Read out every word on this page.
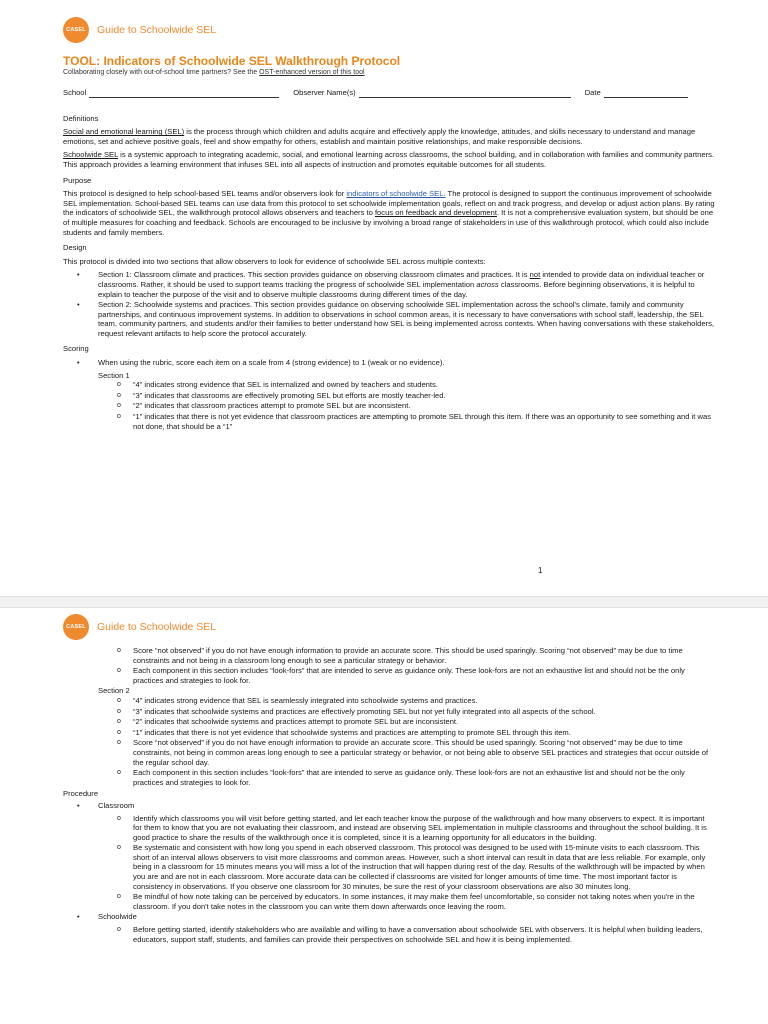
CASEL Guide to Schoolwide SEL
TOOL: Indicators of Schoolwide SEL Walkthrough Protocol
Collaborating closely with out-of-school time partners? See the OST-enhanced version of this tool
School	Observer Name(s)	Date
Definitions

Social and emotional learning (SEL) is the process through which children and adults acquire and effectively apply the knowledge, attitudes, and skills necessary to understand and manage emotions, set and achieve positive goals, feel and show empathy for others, establish and maintain positive relationships, and make responsible decisions.

Schoolwide SEL is a systemic approach to integrating academic, social, and emotional learning across classrooms, the school building, and in collaboration with families and community partners. This approach provides a learning environment that infuses SEL into all aspects of instruction and promotes equitable outcomes for all students.

Purpose

This protocol is designed to help school-based SEL teams and/or observers look for indicators of schoolwide SEL. The protocol is designed to support the continuous improvement of schoolwide SEL implementation. School-based SEL teams can use data from this protocol to set schoolwide implementation goals, reflect on and track progress, and develop or adjust action plans. By rating the indicators of schoolwide SEL, the walkthrough protocol allows observers and teachers to focus on feedback and development. It is not a comprehensive evaluation system, but should be one of multiple measures for coaching and feedback. Schools are encouraged to be inclusive by involving a broad range of stakeholders in use of this walkthrough protocol, which could also include students and family members.

Design

This protocol is divided into two sections that allow observers to look for evidence of schoolwide SEL across multiple contexts:

• Section 1: Classroom climate and practices. This section provides guidance on observing classroom climates and practices. It is not intended to provide data on individual teacher or classrooms. Rather, it should be used to support teams tracking the progress of schoolwide SEL implementation across classrooms. Before beginning observations, it is helpful to explain to teacher the purpose of the visit and to observe multiple classrooms during different times of the day.
• Section 2: Schoolwide systems and practices. This section provides guidance on observing schoolwide SEL implementation across the school's climate, family and community partnerships, and continuous improvement systems. In addition to observations in school common areas, it is necessary to have conversations with school staff, leadership, the SEL team, community partners, and students and/or their families to better understand how SEL is being implemented across contexts. When having conversations with these stakeholders, request relevant artifacts to help score the protocol accurately.
Scoring
• When using the rubric, score each item on a scale from 4 (strong evidence) to 1 (weak or no evidence).
Section 1
o “4” indicates strong evidence that SEL is internalized and owned by teachers and students.
o “3” indicates that classrooms are effectively promoting SEL but efforts are mostly teacher-led.
o “2” indicates that classroom practices attempt to promote SEL but are inconsistent.
o “1” indicates that there is not yet evidence that classroom practices are attempting to promote SEL through this item. If there was an opportunity to see something and it was not done, that should be a “1”
1
CASEL Guide to Schoolwide SEL
o Score “not observed” if you do not have enough information to provide an accurate score. This should be used sparingly. Scoring “not observed” may be due to time constraints and not being in a classroom long enough to see a particular strategy or behavior.
o Each component in this section includes “look-fors” that are intended to serve as guidance only. These look-fors are not an exhaustive list and should not be the only practices and strategies to look for.
Section 2
o “4” indicates strong evidence that SEL is seamlessly integrated into schoolwide systems and practices.
o “3” indicates that schoolwide systems and practices are effectively promoting SEL but not yet fully integrated into all aspects of the school.
o “2” indicates that schoolwide systems and practices attempt to promote SEL but are inconsistent.
o “1” indicates that there is not yet evidence that schoolwide systems and practices are attempting to promote SEL through this item.
o Score “not observed” if you do not have enough information to provide an accurate score. This should be used sparingly. Scoring “not observed” may be due to time constraints, not being in common areas long enough to see a particular strategy or behavior, or not being able to observe SEL practices and strategies that occur outside of the regular school day.
o Each component in this section includes “look-fors” that are intended to serve as guidance only. These look-fors are not an exhaustive list and should not be the only practices and strategies to look for.
Procedure
• Classroom
o Identify which classrooms you will visit before getting started, and let each teacher know the purpose of the walkthrough and how many observers to expect. It is important for them to know that you are not evaluating their classroom, and instead are observing SEL implementation in multiple classrooms and throughout the school building. It is good practice to share the results of the walkthrough once it is completed, since it is a learning opportunity for all educators in the building.
o Be systematic and consistent with how long you spend in each observed classroom. This protocol was designed to be used with 15-minute visits to each classroom. This short of an interval allows observers to visit more classrooms and common areas. However, such a short interval can result in data that are less reliable. For example, only being in a classroom for 15 minutes means you will miss a lot of the instruction that will happen during rest of the day. Results of the walkthrough will be impacted by when you are and are not in each classroom. More accurate data can be collected if classrooms are visited for longer amounts of time time. The most important factor is consistency in observations. If you observe one classroom for 30 minutes, be sure the rest of your classroom observations are also 30 minutes long.
o Be mindful of how note taking can be perceived by educators. In some instances, it may make them feel uncomfortable, so consider not taking notes when you're in the classroom. If you don't take notes in the classroom you can write them down afterwards once leaving the room.
• Schoolwide
o Before getting started, identify stakeholders who are available and willing to have a conversation about schoolwide SEL with observers. It is helpful when building leaders, educators, support staff, students, and families can provide their perspectives on schoolwide SEL and how it is being implemented.
